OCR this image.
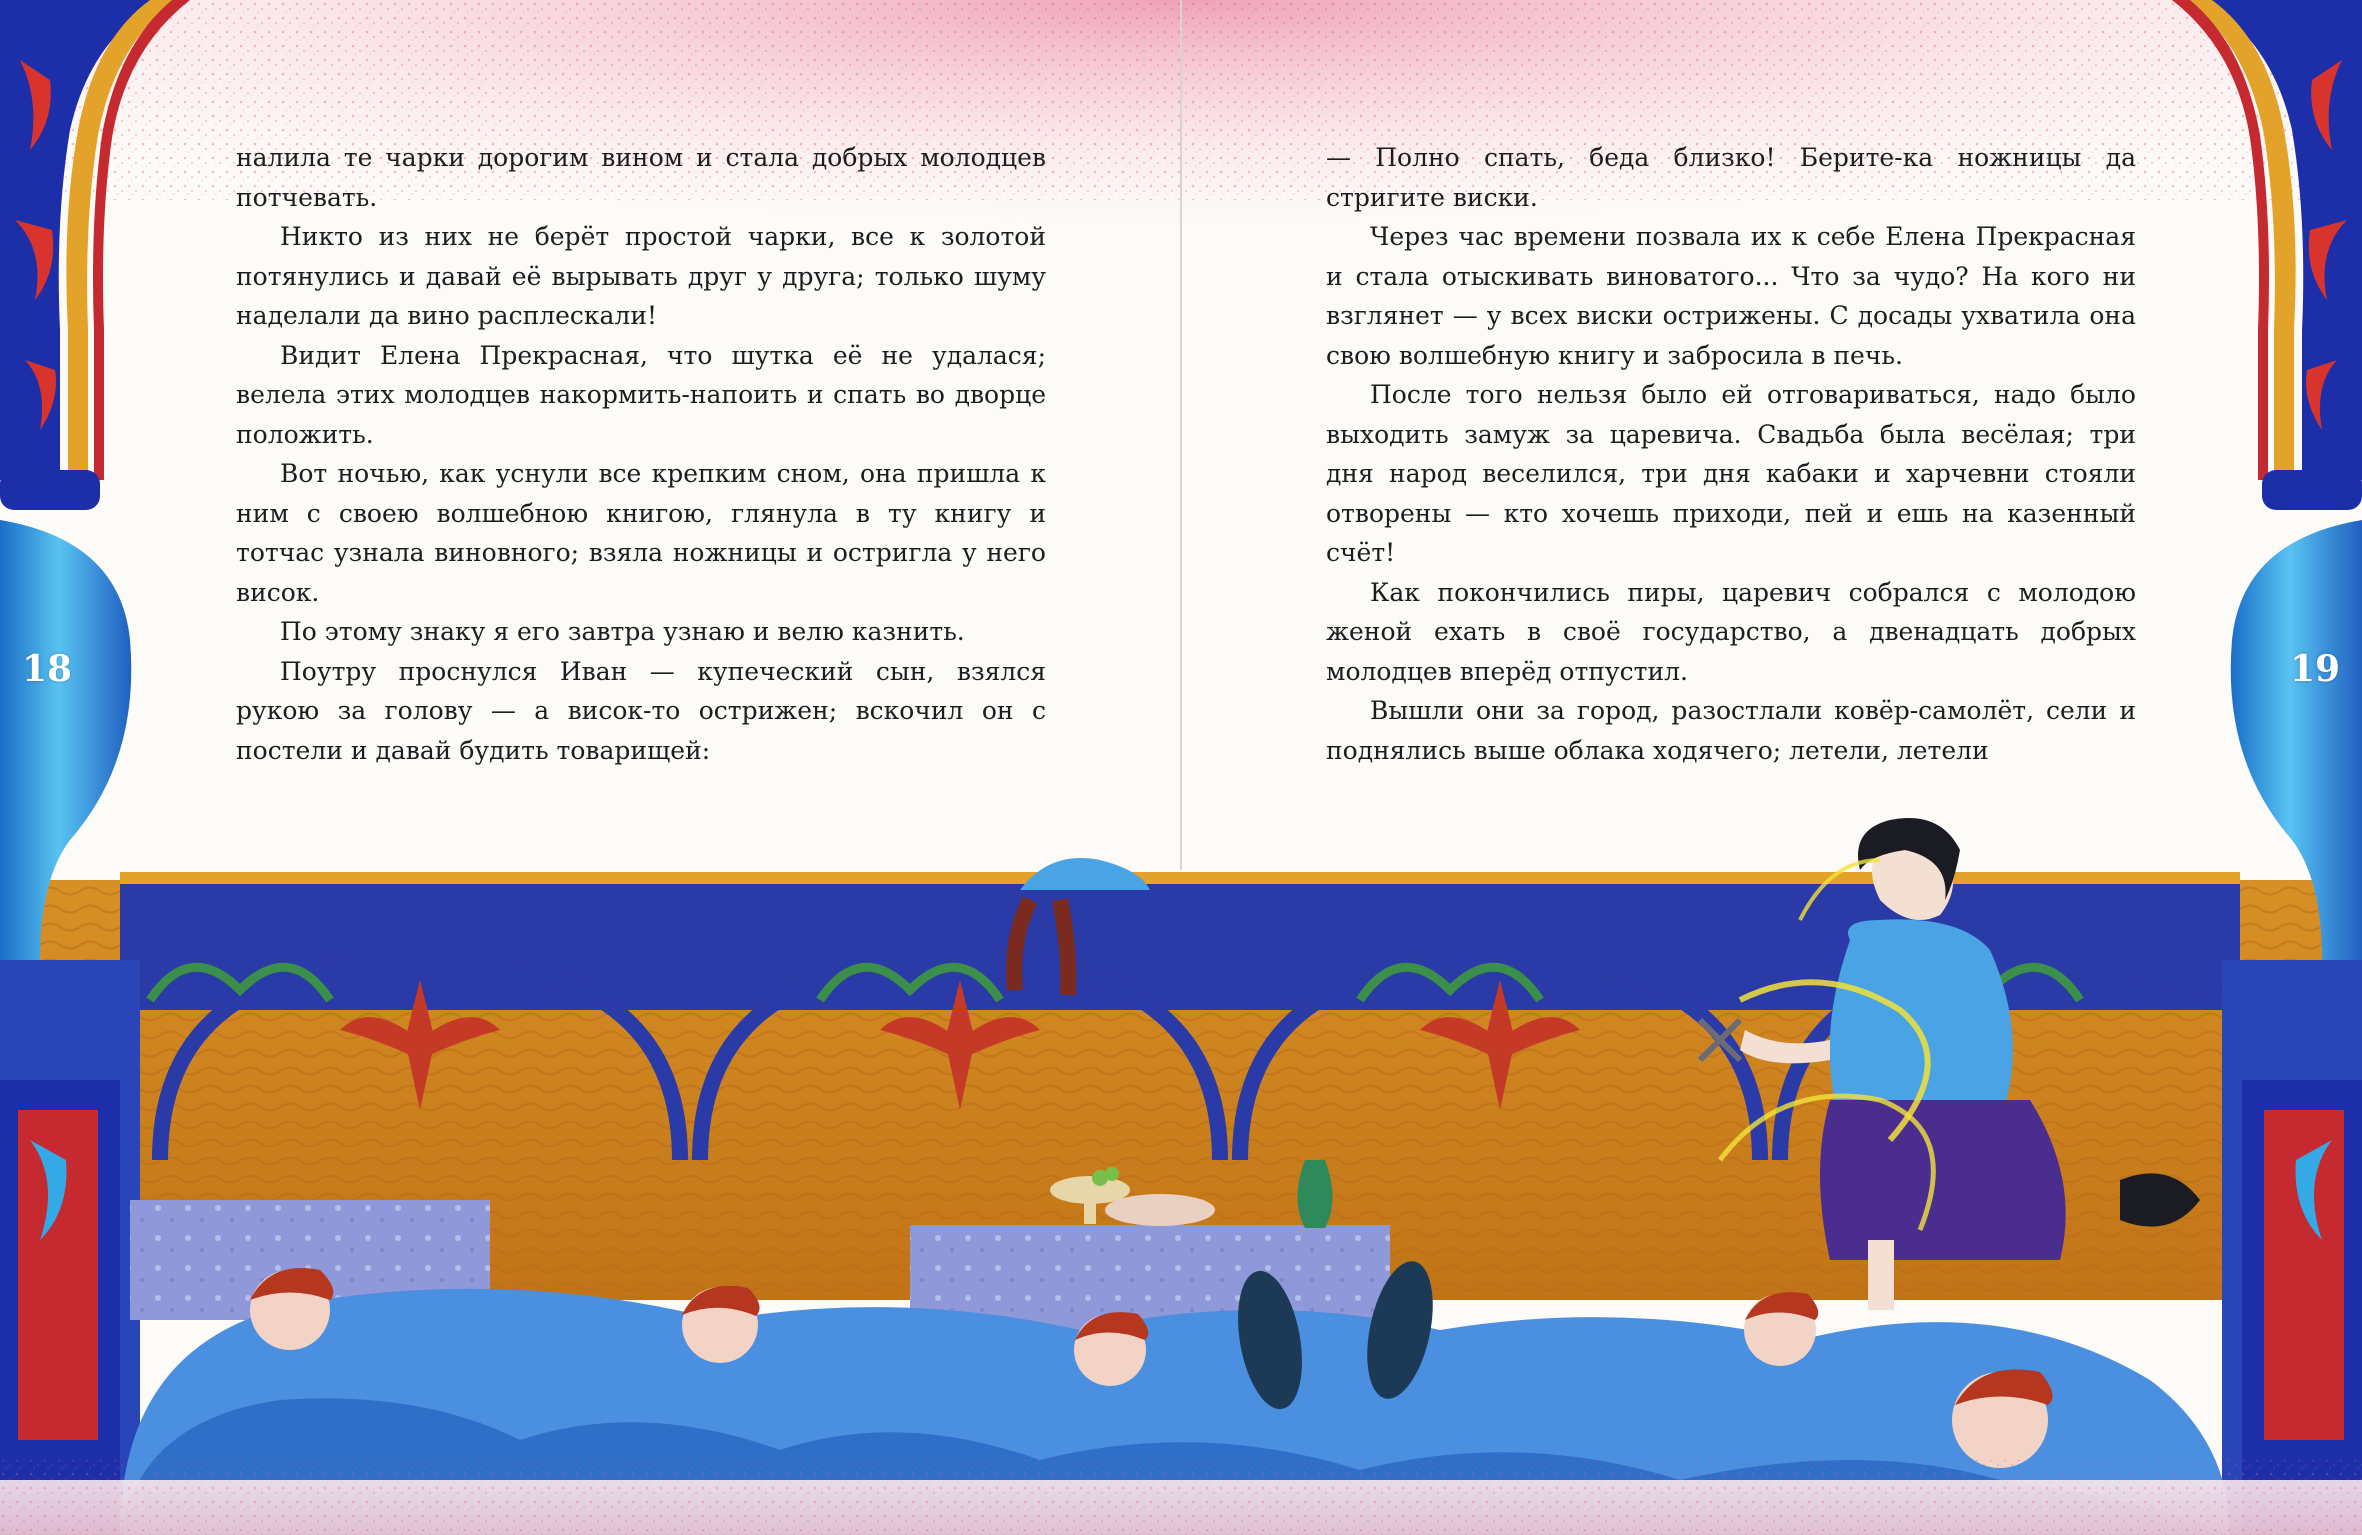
налила те чарки дорогим вином и стала добрых молодцев потчевать.

Никто из них не берёт простой чарки, все к золотой потянулись и давай её вырывать друг у друга; только шуму наделали да вино расплескали!

Видит Елена Прекрасная, что шутка её не удалася; велела этих молодцев накормить-напоить и спать во дворце положить.

Вот ночью, как уснули все крепким сном, она пришла к ним с своею волшебною книгою, глянула в ту книгу и тотчас узнала виновного; взяла ножницы и остригла у него висок.

По этому знаку я его завтра узнаю и велю казнить.

Поутру проснулся Иван — купеческий сын, взялся рукою за голову — а висок-то острижен; вскочил он с постели и давай будить товарищей:

— Полно спать, беда близко! Берите-ка ножницы да стригите виски.

Через час времени позвала их к себе Елена Прекрасная и стала отыскивать виноватого... Что за чудо? На кого ни взглянет — у всех виски острижены. С досады ухватила она свою волшебную книгу и забросила в печь.

После того нельзя было ей отговариваться, надо было выходить замуж за царевича. Свадьба была весёлая; три дня народ веселился, три дня кабаки и харчевни стояли отворены — кто хочешь приходи, пей и ешь на казенный счёт!

Как покончились пиры, царевич собрался с молодою женой ехать в своё государство, а двенадцать добрых молодцев вперёд отпустил.

Вышли они за город, разостлали ковёр-самолёт, сели и поднялись выше облака ходячего; летели, летели

18	19
